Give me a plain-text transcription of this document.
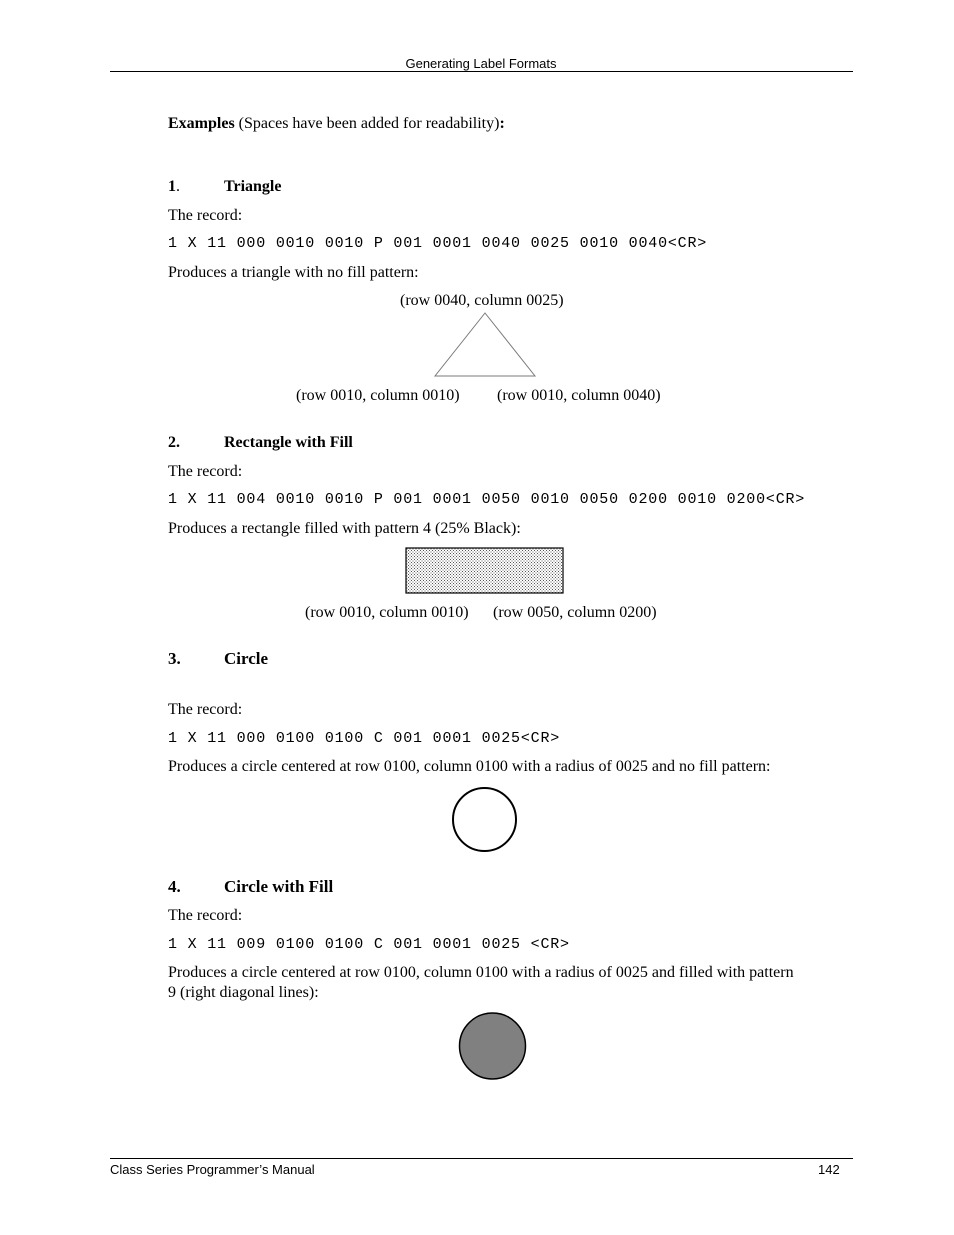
Generating Label Formats
Examples (Spaces have been added for readability):
1.	Triangle
The record:
1 X 11 000 0010 0010 P 001 0001 0040 0025 0010 0040<CR>
Produces a triangle with no fill pattern:
(row 0040, column 0025)
(row 0010, column 0010) (row 0010, column 0040)
2.	Rectangle with Fill
The record:
1 X 11 004 0010 0010 P 001 0001 0050 0010 0050 0200 0010 0200<CR>
Produces a rectangle filled with pattern 4 (25% Black):
(row 0010, column 0010) (row 0050, column 0200)
3.	Circle
The record:
1 X 11 000 0100 0100 C 001 0001 0025<CR>
Produces a circle centered at row 0100, column 0100 with a radius of 0025 and no fill pattern:
4.	Circle with Fill
The record:
1 X 11 009 0100 0100 C 001 0001 0025 <CR>
Produces a circle centered at row 0100, column 0100 with a radius of 0025 and filled with pattern
9 (right diagonal lines):
Class Series Programmer’s Manual	142
